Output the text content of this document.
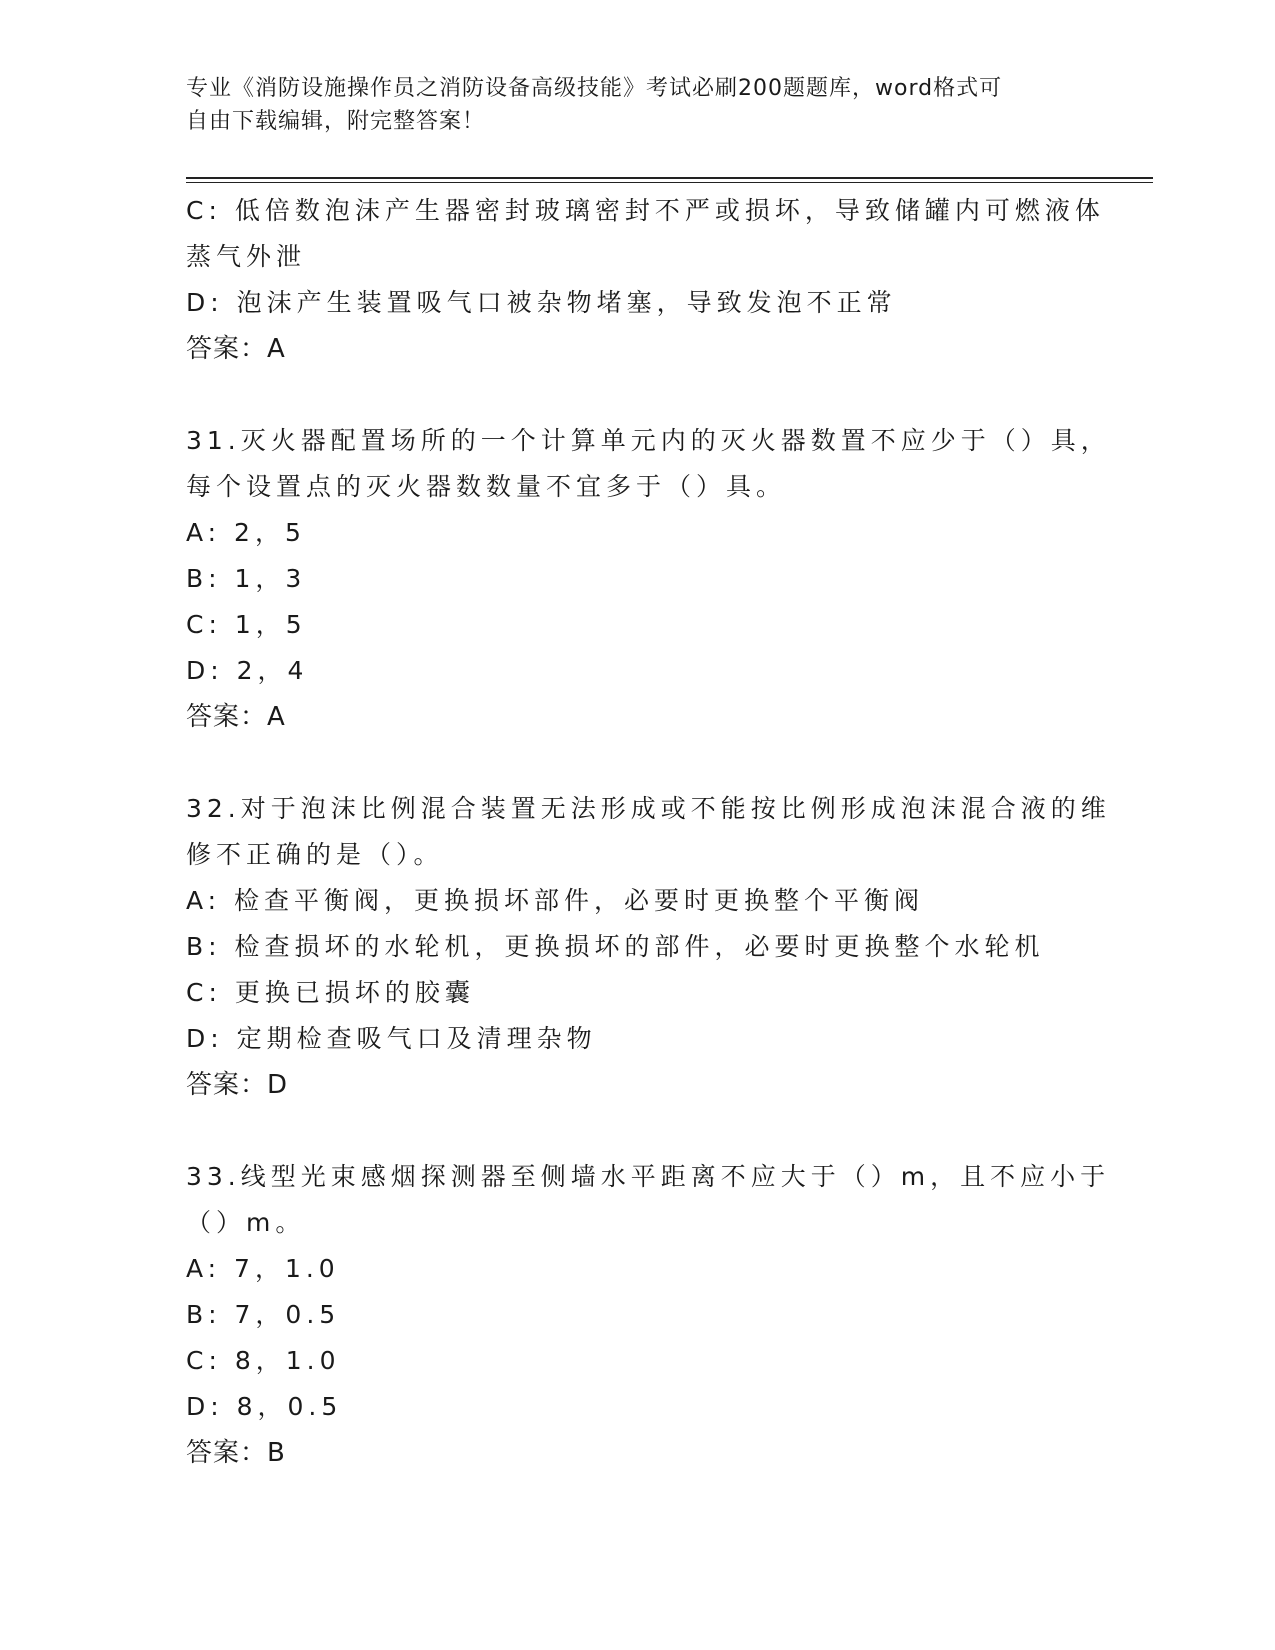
专业《消防设施操作员之消防设备高级技能》考试必刷200题题库，word格式可
自由下载编辑，附完整答案！
C: 低倍数泡沫产生器密封玻璃密封不严或损坏，导致储罐内可燃液体
蒸气外泄
D: 泡沫产生装置吸气口被杂物堵塞，导致发泡不正常
答案：A
31.灭火器配置场所的一个计算单元内的灭火器数置不应少于（）具，
每个设置点的灭火器数数量不宜多于（）具。
A: 2，5
B: 1，3
C: 1，5
D: 2，4
答案：A
32.对于泡沫比例混合装置无法形成或不能按比例形成泡沫混合液的维
修不正确的是（）。
A: 检查平衡阀，更换损坏部件，必要时更换整个平衡阀
B: 检查损坏的水轮机，更换损坏的部件，必要时更换整个水轮机
C: 更换已损坏的胶囊
D: 定期检查吸气口及清理杂物
答案：D
33.线型光束感烟探测器至侧墙水平距离不应大于（）m，且不应小于
（）m。
A: 7，1.0
B: 7，0.5
C: 8，1.0
D: 8，0.5
答案：B
